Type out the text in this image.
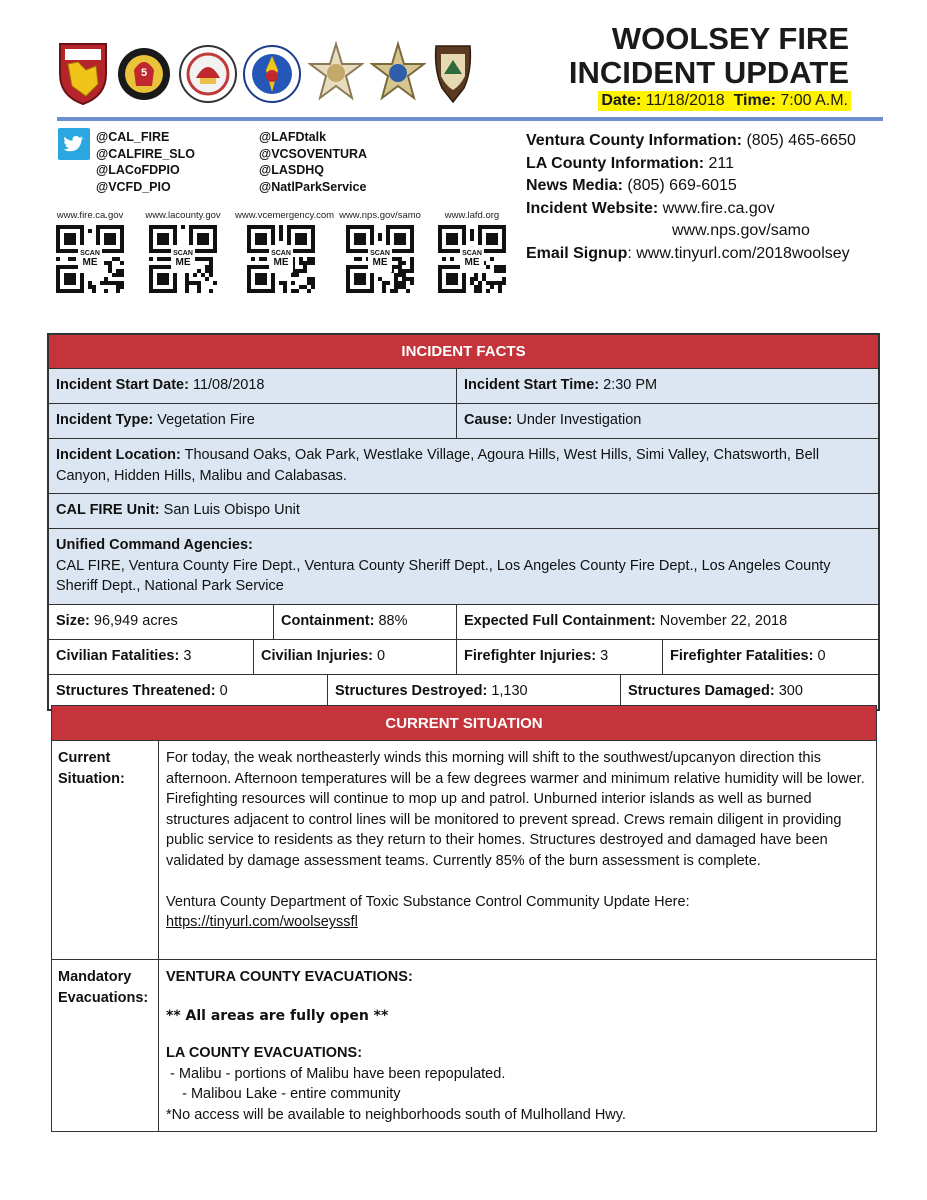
5
WOOLSEY FIRE
INCIDENT UPDATE
Date: 11/18/2018 Time: 7:00 A.M.
@CAL_FIRE
@CALFIRE_SLO
@LACoFDPIO
@VCFD_PIO
@LAFDtalk
@VCSOVENTURA
@LASDHQ
@NatlParkService
www.fire.ca.gov
SCAN
ME
www.lacounty.gov
SCAN
ME
www.vcemergency.com
SCAN
ME
www.nps.gov/samo
SCAN
ME
www.lafd.org
SCAN
ME
Ventura County Information: (805) 465-6650
LA County Information: 211
News Media: (805) 669-6015
Incident Website: www.fire.ca.gov
www.nps.gov/samo
Email Signup: www.tinyurl.com/2018woolsey
INCIDENT FACTS
Incident Start Date: 11/08/2018	Incident Start Time: 2:30 PM
Incident Type: Vegetation Fire	Cause: Under Investigation
Incident Location: Thousand Oaks, Oak Park, Westlake Village, Agoura Hills, West Hills, Simi Valley, Chatsworth, Bell Canyon, Hidden Hills, Malibu and Calabasas.
CAL FIRE Unit: San Luis Obispo Unit
Unified Command Agencies:
CAL FIRE, Ventura County Fire Dept., Ventura County Sheriff Dept., Los Angeles County Fire Dept., Los Angeles County Sheriff Dept., National Park Service
Size: 96,949 acres	Containment: 88%	Expected Full Containment: November 22, 2018
Civilian Fatalities: 3	Civilian Injuries: 0	Firefighter Injuries: 3	Firefighter Fatalities: 0
Structures Threatened: 0	Structures Destroyed: 1,130	Structures Damaged: 300
CURRENT SITUATION
Current Situation:
For today, the weak northeasterly winds this morning will shift to the southwest/upcanyon direction this afternoon. Afternoon temperatures will be a few degrees warmer and minimum relative humidity will be lower. Firefighting resources will continue to mop up and patrol. Unburned interior islands as well as burned structures adjacent to control lines will be monitored to prevent spread. Crews remain diligent in providing public service to residents as they return to their homes. Structures destroyed and damaged have been validated by damage assessment teams. Currently 85% of the burn assessment is complete.
Ventura County Department of Toxic Substance Control Community Update Here:
https://tinyurl.com/woolseyssfl
Mandatory Evacuations:
VENTURA COUNTY EVACUATIONS:
** All areas are fully open **
LA COUNTY EVACUATIONS:
- Malibu - portions of Malibu have been repopulated.
- Malibou Lake - entire community
*No access will be available to neighborhoods south of Mulholland Hwy.
